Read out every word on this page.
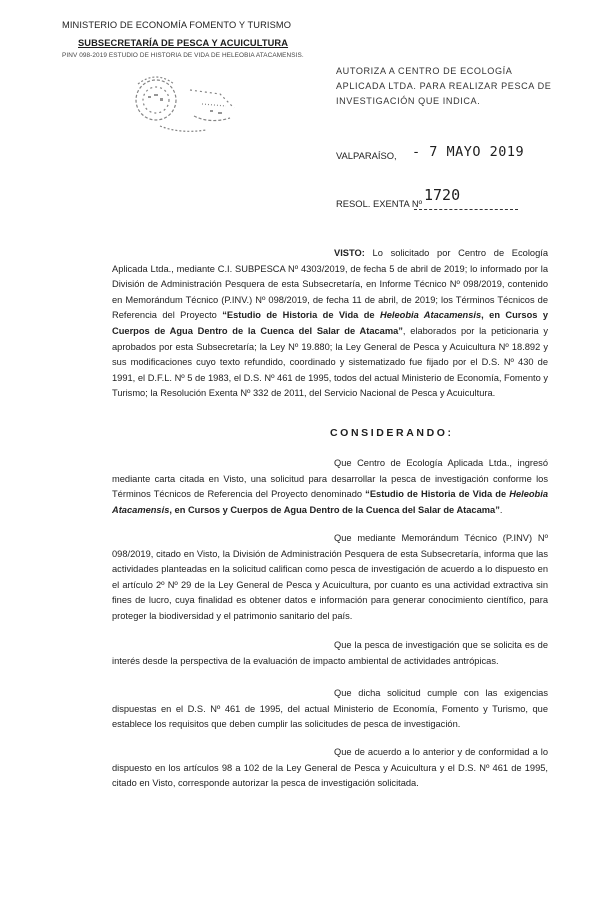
MINISTERIO DE ECONOMÍA FOMENTO Y TURISMO
SUBSECRETARÍA DE PESCA Y ACUICULTURA
PINV 098-2019 ESTUDIO DE HISTORIA DE VIDA DE HELEOBIA ATACAMENSIS.
AUTORIZA A CENTRO DE ECOLOGÍA APLICADA LTDA. PARA REALIZAR PESCA DE INVESTIGACIÓN QUE INDICA.
VALPARAÍSO, - 7 MAYO 2019
RESOL. EXENTA Nº 1720
VISTO: Lo solicitado por Centro de Ecología Aplicada Ltda., mediante C.I. SUBPESCA Nº 4303/2019, de fecha 5 de abril de 2019; lo informado por la División de Administración Pesquera de esta Subsecretaría, en Informe Técnico Nº 098/2019, contenido en Memorándum Técnico (P.INV.) Nº 098/2019, de fecha 11 de abril, de 2019; los Términos Técnicos de Referencia del Proyecto “Estudio de Historia de Vida de Heleobia Atacamensis, en Cursos y Cuerpos de Agua Dentro de la Cuenca del Salar de Atacama”, elaborados por la peticionaria y aprobados por esta Subsecretaría; la Ley Nº 19.880; la Ley General de Pesca y Acuicultura Nº 18.892 y sus modificaciones cuyo texto refundido, coordinado y sistematizado fue fijado por el D.S. Nº 430 de 1991, el D.F.L. Nº 5 de 1983, el D.S. Nº 461 de 1995, todos del actual Ministerio de Economía, Fomento y Turismo; la Resolución Exenta Nº 332 de 2011, del Servicio Nacional de Pesca y Acuicultura.
CONSIDERANDO:
Que Centro de Ecología Aplicada Ltda., ingresó mediante carta citada en Visto, una solicitud para desarrollar la pesca de investigación conforme los Términos Técnicos de Referencia del Proyecto denominado “Estudio de Historia de Vida de Heleobia Atacamensis, en Cursos y Cuerpos de Agua Dentro de la Cuenca del Salar de Atacama”.
Que mediante Memorándum Técnico (P.INV) Nº 098/2019, citado en Visto, la División de Administración Pesquera de esta Subsecretaría, informa que las actividades planteadas en la solicitud califican como pesca de investigación de acuerdo a lo dispuesto en el artículo 2º Nº 29 de la Ley General de Pesca y Acuicultura, por cuanto es una actividad extractiva sin fines de lucro, cuya finalidad es obtener datos e información para generar conocimiento científico, para proteger la biodiversidad y el patrimonio sanitario del país.
Que la pesca de investigación que se solicita es de interés desde la perspectiva de la evaluación de impacto ambiental de actividades antrópicas.
Que dicha solicitud cumple con las exigencias dispuestas en el D.S. Nº 461 de 1995, del actual Ministerio de Economía, Fomento y Turismo, que establece los requisitos que deben cumplir las solicitudes de pesca de investigación.
Que de acuerdo a lo anterior y de conformidad a lo dispuesto en los artículos 98 a 102 de la Ley General de Pesca y Acuicultura y el D.S. Nº 461 de 1995, citado en Visto, corresponde autorizar la pesca de investigación solicitada.
